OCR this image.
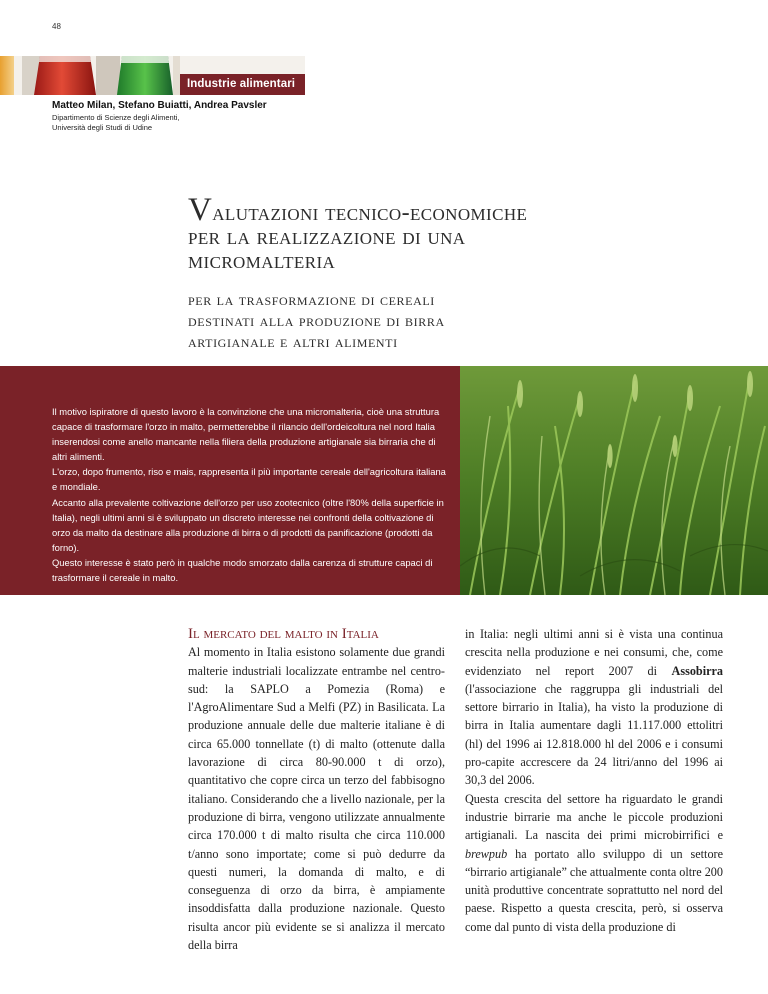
48
Industrie alimentari
Matteo Milan, Stefano Buiatti, Andrea Pavsler
Dipartimento di Scienze degli Alimenti,
Università degli Studi di Udine
Valutazioni tecnico-economiche
per la realizzazione di una
micromalteria
per la trasformazione di cereali
destinati alla produzione di birra
artigianale e altri alimenti

Il motivo ispiratore di questo lavoro è la convinzione che una micromalteria, cioè una struttura capace di trasformare l'orzo in malto, permetterebbe il rilancio dell'ordeicoltura nel nord Italia inserendosi come anello mancante nella filiera della produzione artigianale sia birraria che di altri alimenti.

L'orzo, dopo frumento, riso e mais, rappresenta il più importante cereale dell'agricoltura italiana e mondiale.

Accanto alla prevalente coltivazione dell'orzo per uso zootecnico (oltre l'80% della superficie in Italia), negli ultimi anni si è sviluppato un discreto interesse nei confronti della coltivazione di orzo da malto da destinare alla produzione di birra o di prodotti da panificazione (prodotti da forno).

Questo interesse è stato però in qualche modo smorzato dalla carenza di strutture capaci di trasformare il cereale in malto.

Il mercato del malto in Italia

Al momento in Italia esistono solamente due grandi malterie industriali localizzate entrambe nel centro-sud: la SAPLO a Pomezia (Roma) e l'AgroAlimentare Sud a Melfi (PZ) in Basilicata. La produzione annuale delle due malterie italiane è di circa 65.000 tonnellate (t) di malto (ottenute dalla lavorazione di circa 80-90.000 t di orzo), quantitativo che copre circa un terzo del fabbisogno italiano. Considerando che a livello nazionale, per la produzione di birra, vengono utilizzate annualmente circa 170.000 t di malto risulta che circa 110.000 t/anno sono importate; come si può dedurre da questi numeri, la domanda di malto, e di conseguenza di orzo da birra, è ampiamente insoddisfatta dalla produzione nazionale. Questo risulta ancor più evidente se si analizza il mercato della birra

in Italia: negli ultimi anni si è vista una continua crescita nella produzione e nei consumi, che, come evidenziato nel report 2007 di Assobirra (l'associazione che raggruppa gli industriali del settore birrario in Italia), ha visto la produzione di birra in Italia aumentare dagli 11.117.000 ettolitri (hl) del 1996 ai 12.818.000 hl del 2006 e i consumi pro-capite accrescere da 24 litri/anno del 1996 ai 30,3 del 2006.

Questa crescita del settore ha riguardato le grandi industrie birrarie ma anche le piccole produzioni artigianali. La nascita dei primi microbirrifici e brewpub ha portato allo sviluppo di un settore “birrario artigianale” che attualmente conta oltre 200 unità produttive concentrate soprattutto nel nord del paese. Rispetto a questa crescita, però, si osserva come dal punto di vista della produzione di
